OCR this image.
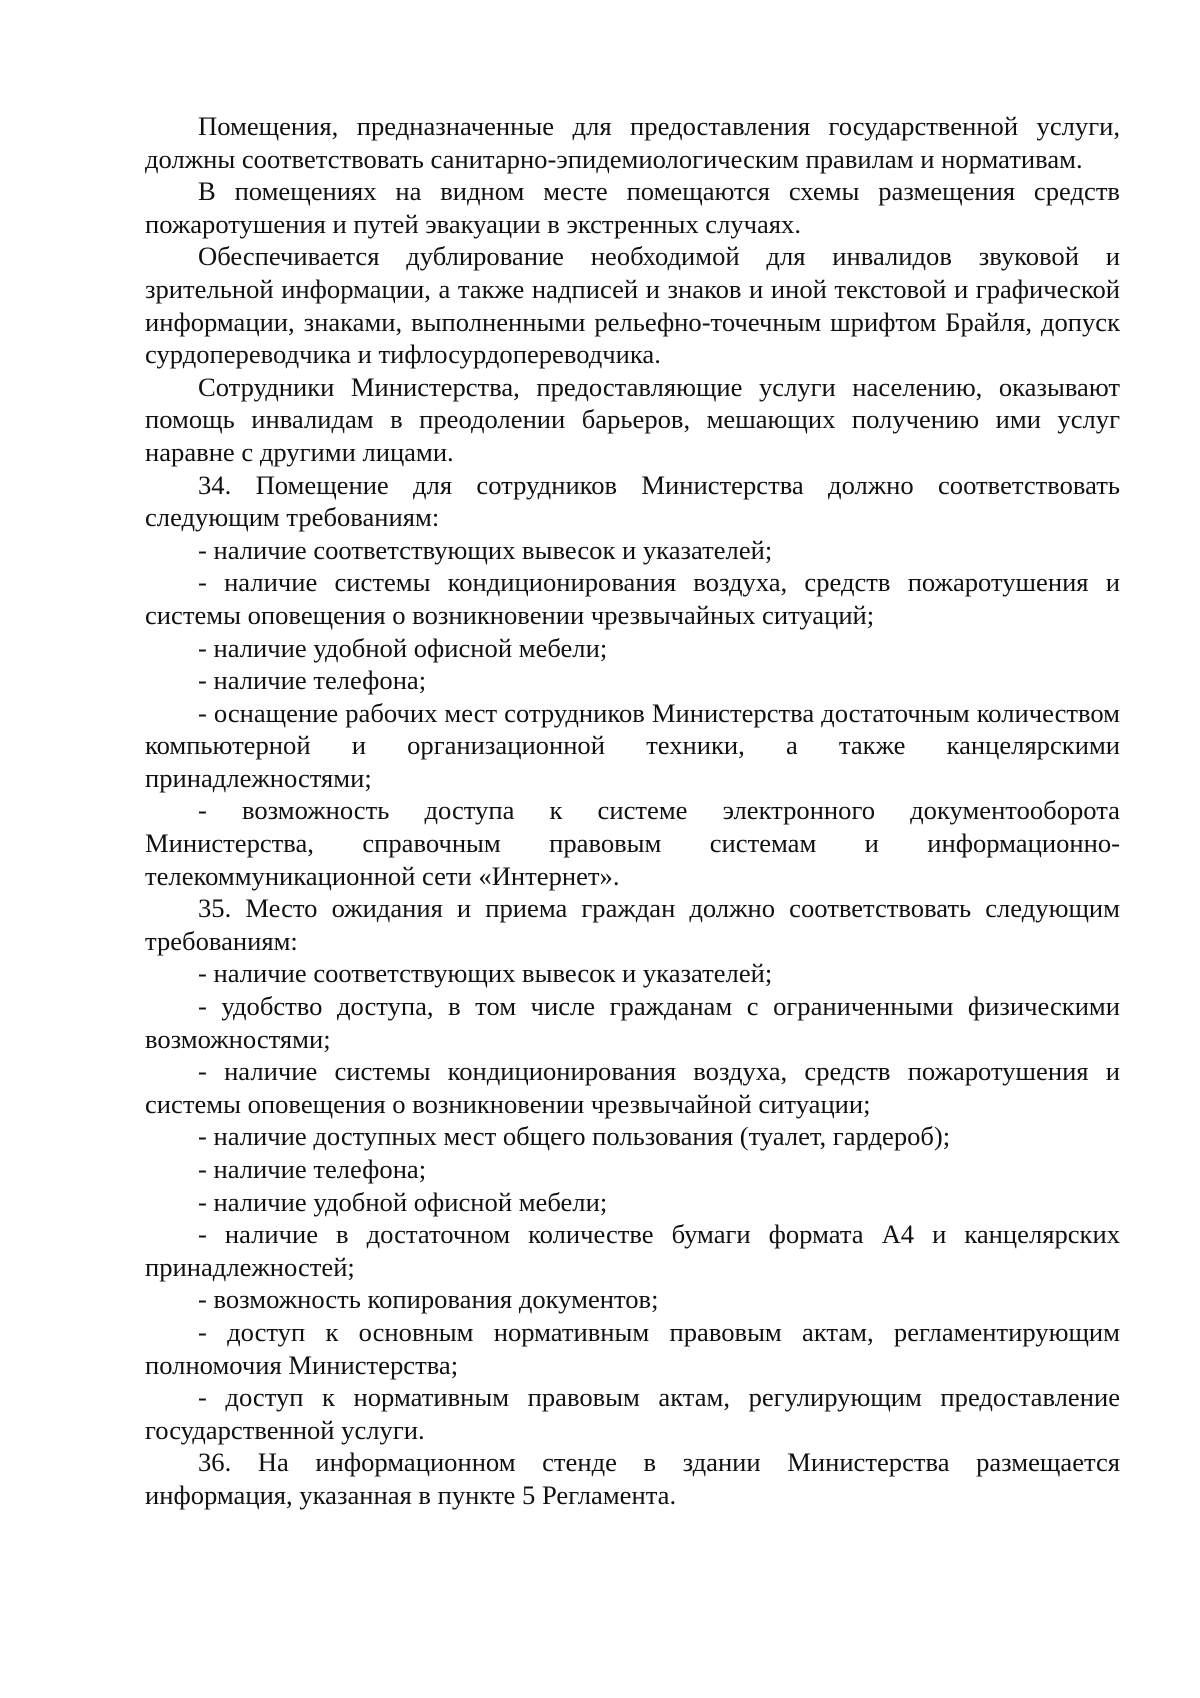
Помещения, предназначенные для предоставления государственной услуги, должны соответствовать санитарно-эпидемиологическим правилам и нормативам.

В помещениях на видном месте помещаются схемы размещения средств пожаротушения и путей эвакуации в экстренных случаях.

Обеспечивается дублирование необходимой для инвалидов звуковой и зрительной информации, а также надписей и знаков и иной текстовой и графической информации, знаками, выполненными рельефно-точечным шрифтом Брайля, допуск сурдопереводчика и тифлосурдопереводчика.

Сотрудники Министерства, предоставляющие услуги населению, оказывают помощь инвалидам в преодолении барьеров, мешающих получению ими услуг наравне с другими лицами.

34. Помещение для сотрудников Министерства должно соответствовать следующим требованиям:

- наличие соответствующих вывесок и указателей;

- наличие системы кондиционирования воздуха, средств пожаротушения и системы оповещения о возникновении чрезвычайных ситуаций;

- наличие удобной офисной мебели;

- наличие телефона;

- оснащение рабочих мест сотрудников Министерства достаточным количеством компьютерной и организационной техники, а также канцелярскими принадлежностями;

- возможность доступа к системе электронного документооборота Министерства, справочным правовым системам и информационно-телекоммуникационной сети «Интернет».

35. Место ожидания и приема граждан должно соответствовать следующим требованиям:

- наличие соответствующих вывесок и указателей;

- удобство доступа, в том числе гражданам с ограниченными физическими возможностями;

- наличие системы кондиционирования воздуха, средств пожаротушения и системы оповещения о возникновении чрезвычайной ситуации;

- наличие доступных мест общего пользования (туалет, гардероб);

- наличие телефона;

- наличие удобной офисной мебели;

- наличие в достаточном количестве бумаги формата А4 и канцелярских принадлежностей;

- возможность копирования документов;

- доступ к основным нормативным правовым актам, регламентирующим полномочия Министерства;

- доступ к нормативным правовым актам, регулирующим предоставление государственной услуги.

36. На информационном стенде в здании Министерства размещается информация, указанная в пункте 5 Регламента.
